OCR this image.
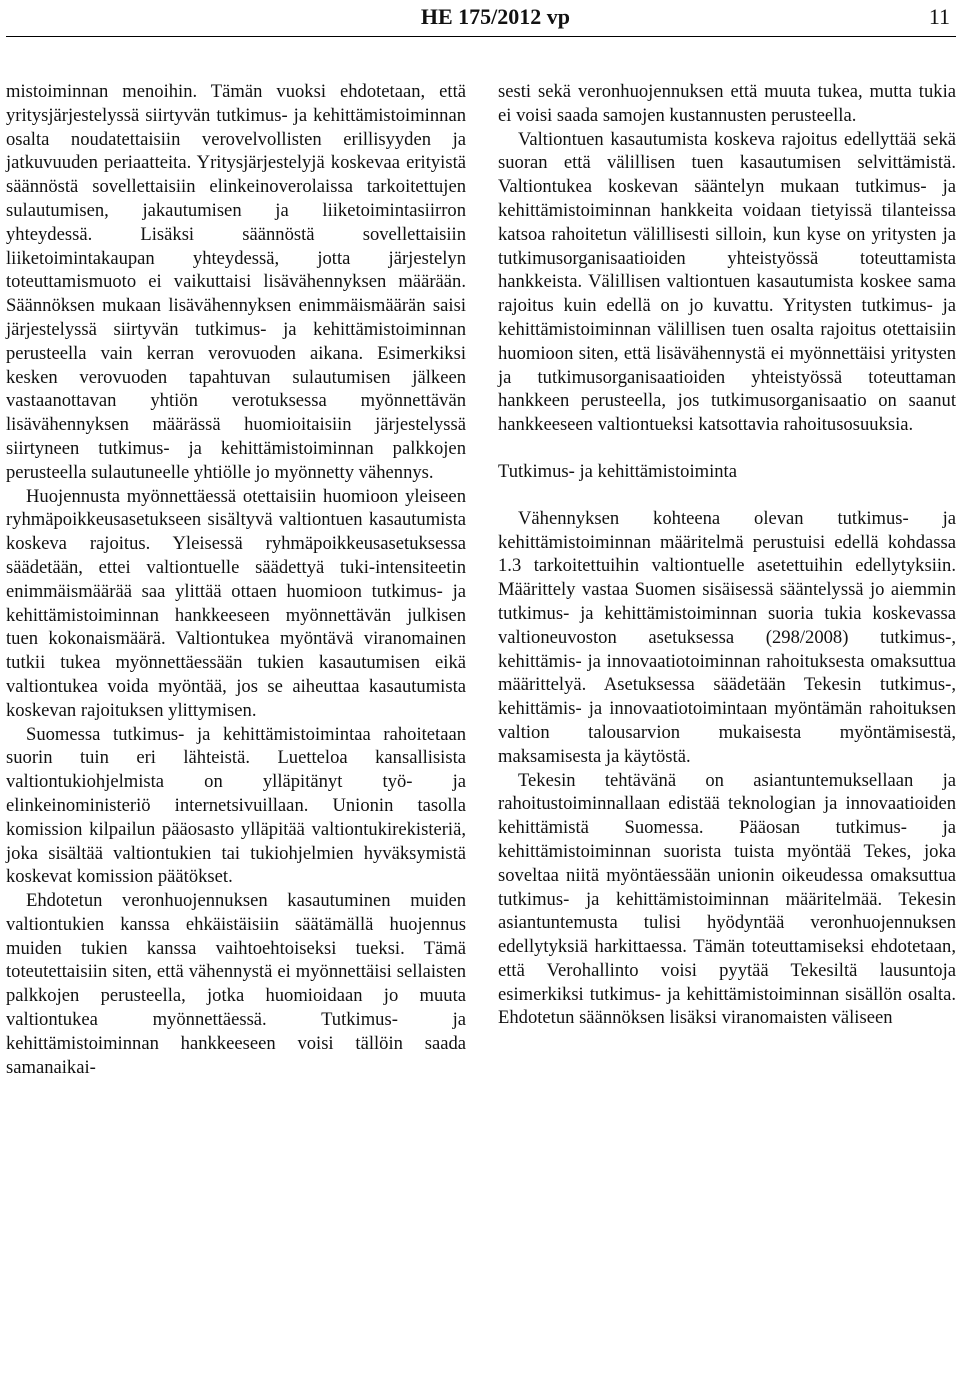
HE 175/2012 vp	11

mistoiminnan menoihin. Tämän vuoksi ehdotetaan, että yritysjärjestelyssä siirtyvän tutkimus- ja kehittämistoiminnan osalta noudatettaisiin verovelvollisten erillisyyden ja jatkuvuuden periaatteita. Yritysjärjestelyjä koskevaa erityistä säännöstä sovellettaisiin elinkeinoverolaissa tarkoitettujen sulautumisen, jakautumisen ja liiketoimintasiirron yhteydessä. Lisäksi säännöstä sovellettaisiin liiketoimintakaupan yhteydessä, jotta järjestelyn toteuttamismuoto ei vaikuttaisi lisävähennyksen määrään. Säännöksen mukaan lisävähennyksen enimmäismäärän saisi järjestelyssä siirtyvän tutkimus- ja kehittämistoiminnan perusteella vain kerran verovuoden aikana. Esimerkiksi kesken verovuoden tapahtuvan sulautumisen jälkeen vastaanottavan yhtiön verotuksessa myönnettävän lisävähennyksen määrässä huomioitaisiin järjestelyssä siirtyneen tutkimus- ja kehittämistoiminnan palkkojen perusteella sulautuneelle yhtiölle jo myönnetty vähennys.

Huojennusta myönnettäessä otettaisiin huomioon yleiseen ryhmäpoikkeusasetukseen sisältyvä valtiontuen kasautumista koskeva rajoitus. Yleisessä ryhmäpoikkeusasetuksessa säädetään, ettei valtiontuelle säädettyä tuki-intensiteetin enimmäismäärää saa ylittää ottaen huomioon tutkimus- ja kehittämistoiminnan hankkeeseen myönnettävän julkisen tuen kokonaismäärä. Valtiontukea myöntävä viranomainen tutkii tukea myönnettäessään tukien kasautumisen eikä valtiontukea voida myöntää, jos se aiheuttaa kasautumista koskevan rajoituksen ylittymisen.

Suomessa tutkimus- ja kehittämistoimintaa rahoitetaan suorin tuin eri lähteistä. Luetteloa kansallisista valtiontukiohjelmista on ylläpitänyt työ- ja elinkeinoministeriö internetsivuillaan. Unionin tasolla komission kilpailun pääosasto ylläpitää valtiontukirekisteriä, joka sisältää valtiontukien tai tukiohjelmien hyväksymistä koskevat komission päätökset.

Ehdotetun veronhuojennuksen kasautuminen muiden valtiontukien kanssa ehkäistäisiin säätämällä huojennus muiden tukien kanssa vaihtoehtoiseksi tueksi. Tämä toteutettaisiin siten, että vähennystä ei myönnettäisi sellaisten palkkojen perusteella, jotka huomioidaan jo muuta valtiontukea myönnettäessä. Tutkimus- ja kehittämistoiminnan hankkeeseen voisi tällöin saada samanaikai-

sesti sekä veronhuojennuksen että muuta tukea, mutta tukia ei voisi saada samojen kustannusten perusteella.

Valtiontuen kasautumista koskeva rajoitus edellyttää sekä suoran että välillisen tuen kasautumisen selvittämistä. Valtiontukea koskevan sääntelyn mukaan tutkimus- ja kehittämistoiminnan hankkeita voidaan tietyissä tilanteissa katsoa rahoitetun välillisesti silloin, kun kyse on yritysten ja tutkimusorganisaatioiden yhteistyössä toteuttamista hankkeista. Välillisen valtiontuen kasautumista koskee sama rajoitus kuin edellä on jo kuvattu. Yritysten tutkimus- ja kehittämistoiminnan välillisen tuen osalta rajoitus otettaisiin huomioon siten, että lisävähennystä ei myönnettäisi yritysten ja tutkimusorganisaatioiden yhteistyössä toteuttaman hankkeen perusteella, jos tutkimusorganisaatio on saanut hankkeeseen valtiontueksi katsottavia rahoitusosuuksia.

Tutkimus- ja kehittämistoiminta

Vähennyksen kohteena olevan tutkimus- ja kehittämistoiminnan määritelmä perustuisi edellä kohdassa 1.3 tarkoitettuihin valtiontuelle asetettuihin edellytyksiin. Määrittely vastaa Suomen sisäisessä sääntelyssä jo aiemmin tutkimus- ja kehittämistoiminnan suoria tukia koskevassa valtioneuvoston asetuksessa (298/2008) tutkimus-, kehittämis- ja innovaatiotoiminnan rahoituksesta omaksuttua määrittelyä. Asetuksessa säädetään Tekesin tutkimus-, kehittämis- ja innovaatiotoimintaan myöntämän rahoituksen valtion talousarvion mukaisesta myöntämisestä, maksamisesta ja käytöstä.

Tekesin tehtävänä on asiantuntemuksellaan ja rahoitustoiminnallaan edistää teknologian ja innovaatioiden kehittämistä Suomessa. Pääosan tutkimus- ja kehittämistoiminnan suorista tuista myöntää Tekes, joka soveltaa niitä myöntäessään unionin oikeudessa omaksuttua tutkimus- ja kehittämistoiminnan määritelmää. Tekesin asiantuntemusta tulisi hyödyntää veronhuojennuksen edellytyksiä harkittaessa. Tämän toteuttamiseksi ehdotetaan, että Verohallinto voisi pyytää Tekesiltä lausuntoja esimerkiksi tutkimus- ja kehittämistoiminnan sisällön osalta. Ehdotetun säännöksen lisäksi viranomaisten väliseen
